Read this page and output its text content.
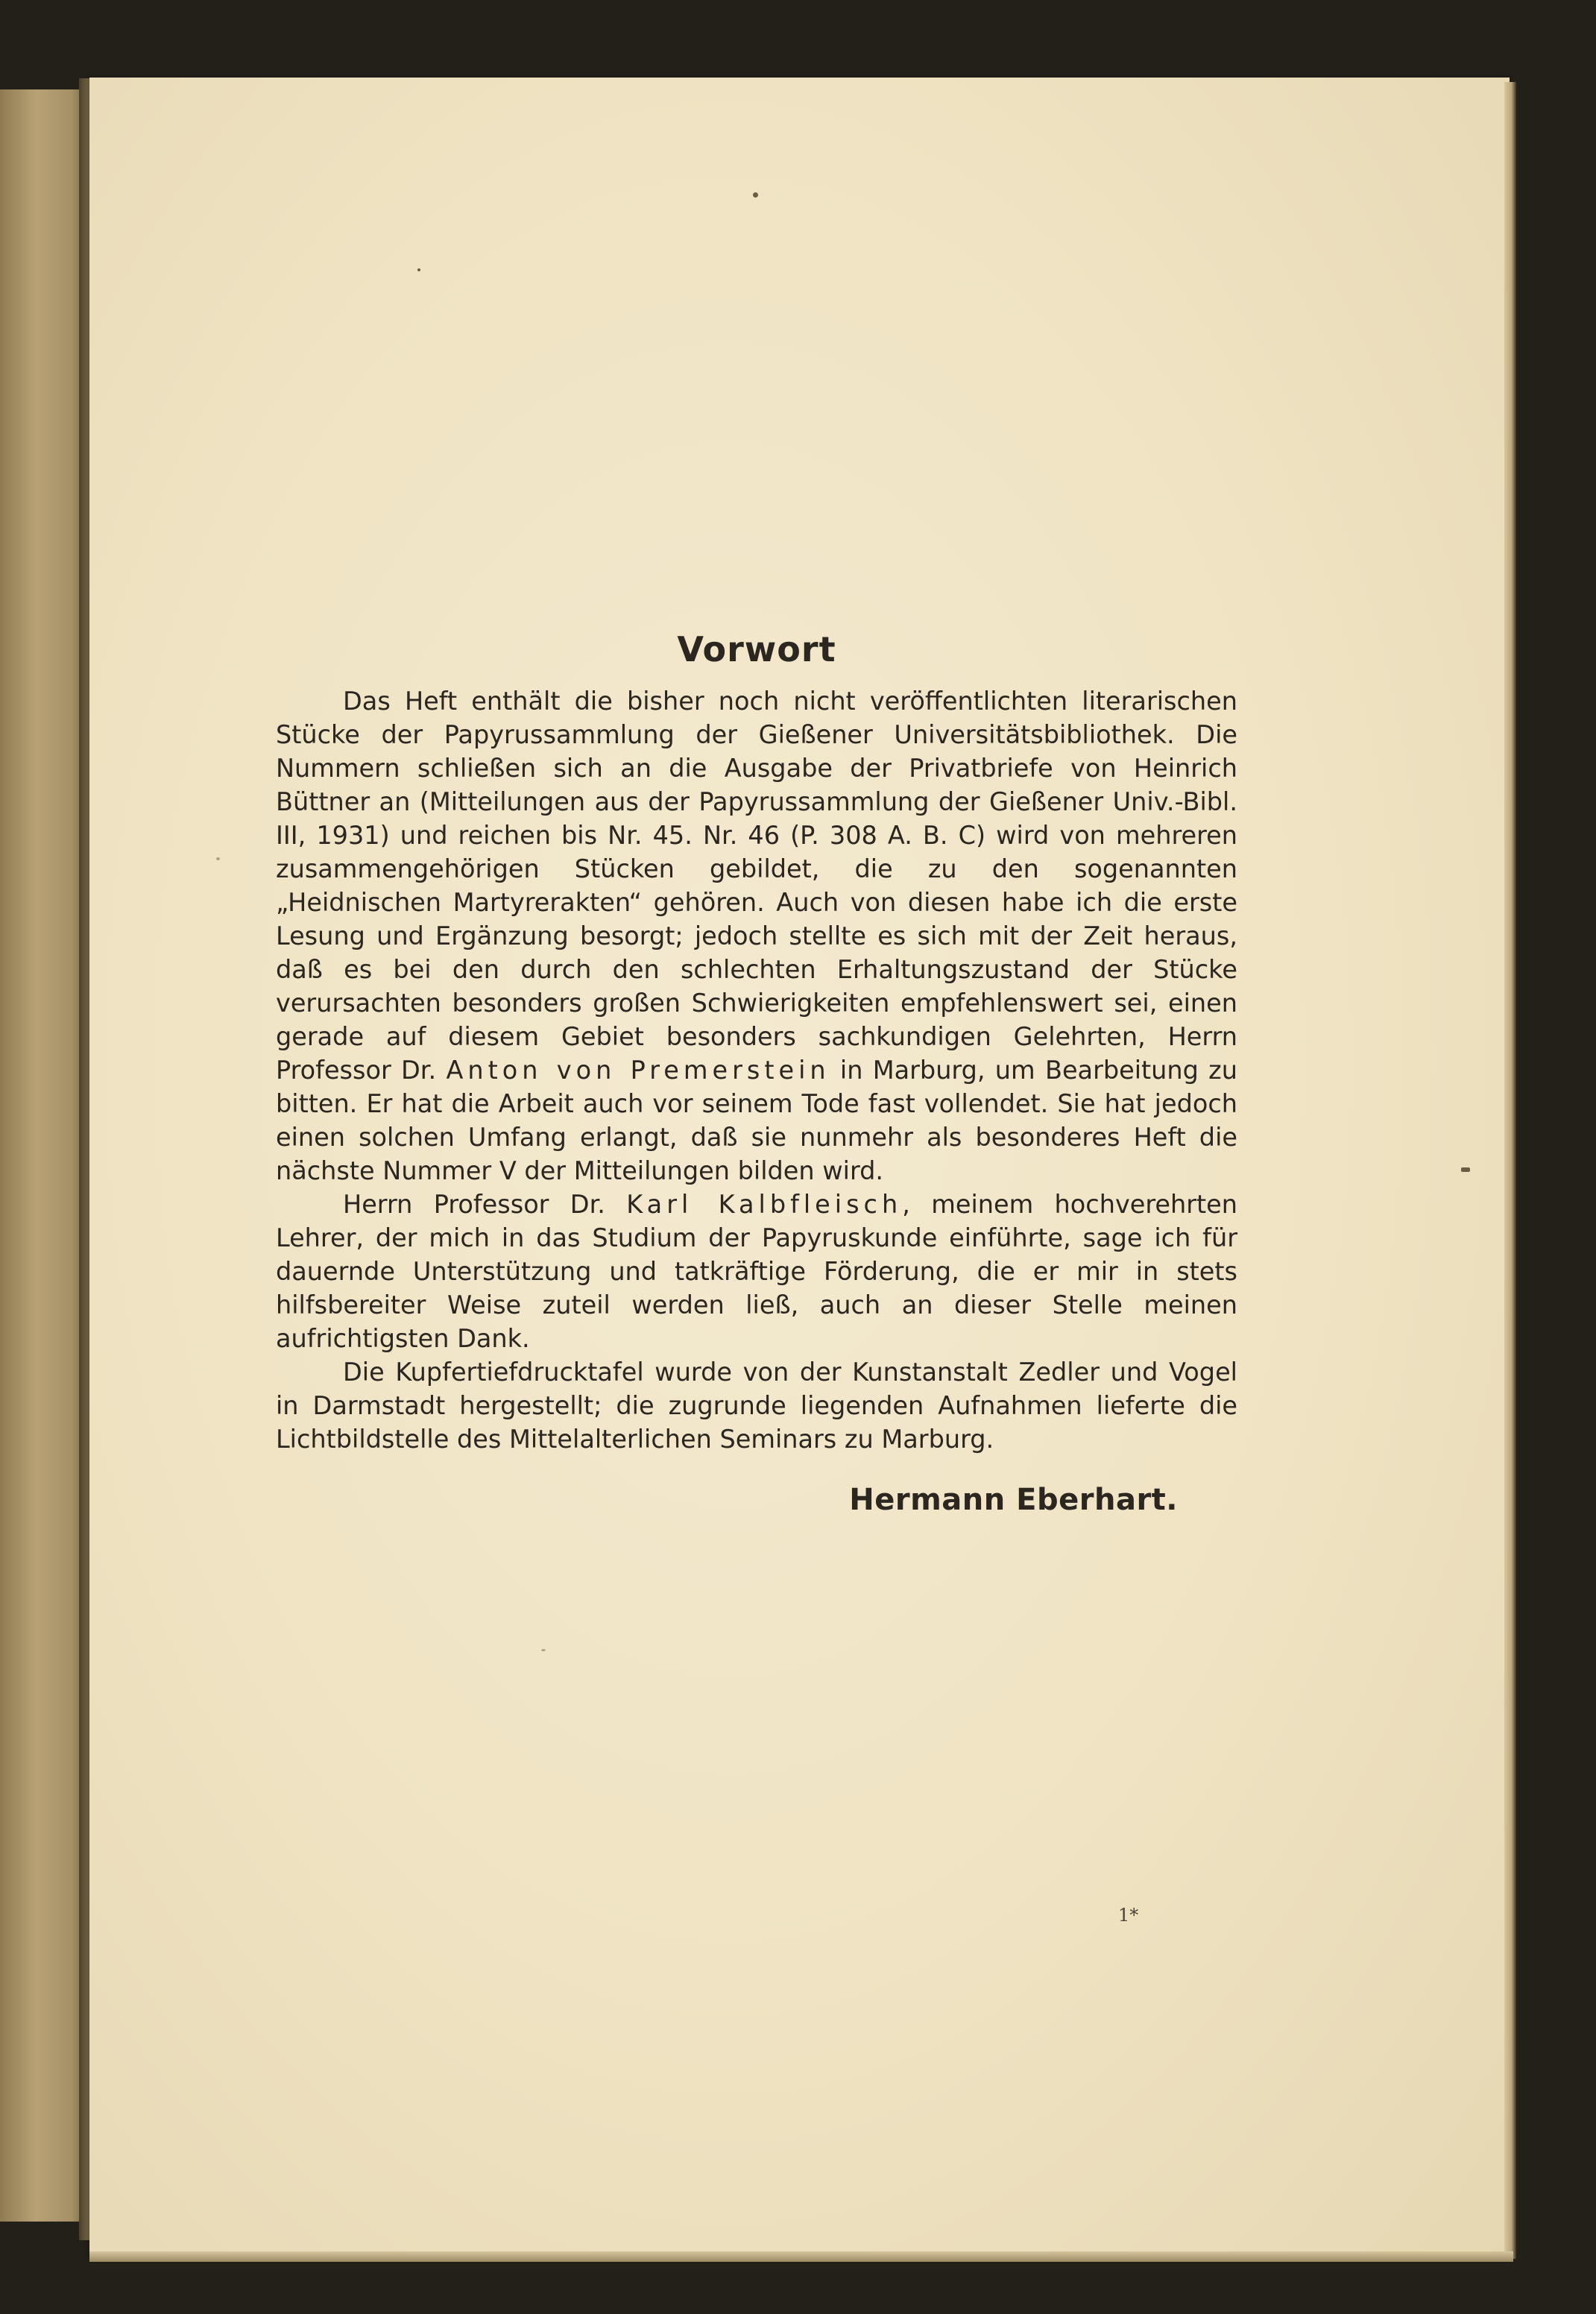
Vorwort

Das Heft enthält die bisher noch nicht veröffentlichten literarischen Stücke der Papyrussammlung der Gießener Universitätsbibliothek. Die Nummern schließen sich an die Ausgabe der Privatbriefe von Heinrich Büttner an (Mitteilungen aus der Papyrussammlung der Gießener Univ.-Bibl. III, 1931) und reichen bis Nr. 45. Nr. 46 (P. 308 A. B. C) wird von mehreren zusammengehörigen Stücken gebildet, die zu den sogenannten „Heidnischen Martyrerakten“ gehören. Auch von diesen habe ich die erste Lesung und Ergänzung besorgt; jedoch stellte es sich mit der Zeit heraus, daß es bei den durch den schlechten Erhaltungszustand der Stücke verursachten besonders großen Schwierigkeiten empfehlenswert sei, einen gerade auf diesem Gebiet besonders sachkundigen Gelehrten, Herrn Professor Dr. Anton von Premerstein in Marburg, um Bearbeitung zu bitten. Er hat die Arbeit auch vor seinem Tode fast vollendet. Sie hat jedoch einen solchen Umfang erlangt, daß sie nunmehr als besonderes Heft die nächste Nummer V der Mitteilungen bilden wird.

Herrn Professor Dr. Karl Kalbfleisch, meinem hochverehrten Lehrer, der mich in das Studium der Papyruskunde einführte, sage ich für dauernde Unterstützung und tatkräftige Förderung, die er mir in stets hilfsbereiter Weise zuteil werden ließ, auch an dieser Stelle meinen aufrichtigsten Dank.

Die Kupfertiefdrucktafel wurde von der Kunstanstalt Zedler und Vogel in Darmstadt hergestellt; die zugrunde liegenden Aufnahmen lieferte die Lichtbildstelle des Mittelalterlichen Seminars zu Marburg.

Hermann Eberhart.
1*
